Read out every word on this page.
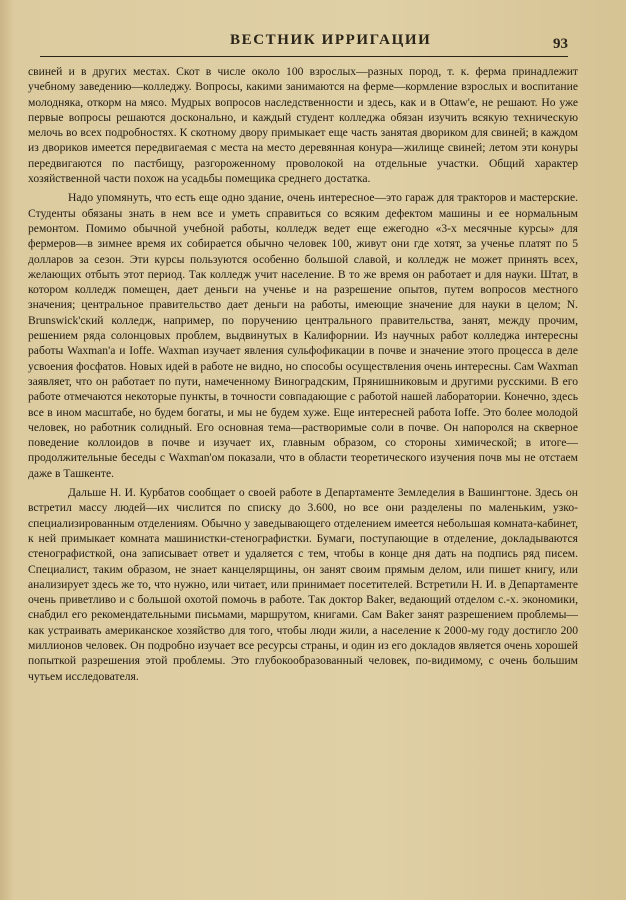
ВЕСТНИК ИРРИГАЦИИ	93

свиней и в других местах. Скот в числе около 100 взрослых—разных пород, т. к. ферма принадлежит учебному заведению—колледжу. Вопросы, какими занимаются на ферме—кормление взрослых и воспитание молодняка, откорм на мясо. Мудрых вопросов наследственности и здесь, как и в Ottaw'e, не решают. Но уже первые вопросы решаются досконально, и каждый студент колледжа обязан изучить всякую техническую мелочь во всех подробностях. К скотному двору примыкает еще часть занятая двориком для свиней; в каждом из двориков имеется передвигаемая с места на место деревянная конура—жилище свиней; летом эти конуры передвигаются по пастбищу, разгороженному проволокой на отдельные участки. Общий характер хозяйственной части похож на усадьбы помещика среднего достатка.

Надо упомянуть, что есть еще одно здание, очень интересное—это гараж для тракторов и мастерские. Студенты обязаны знать в нем все и уметь справиться со всяким дефектом машины и ее нормальным ремонтом. Помимо обычной учебной работы, колледж ведет еще ежегодно «3-х месячные курсы» для фермеров—в зимнее время их собирается обычно человек 100, живут они где хотят, за ученье платят по 5 долларов за сезон. Эти курсы пользуются особенно большой славой, и колледж не может принять всех, желающих отбыть этот период. Так колледж учит население. В то же время он работает и для науки. Штат, в котором колледж помещен, дает деньги на ученье и на разрешение опытов, путем вопросов местного значения; центральное правительство дает деньги на работы, имеющие значение для науки в целом; N. Brunswick'ский колледж, например, по поручению центрального правительства, занят, между прочим, решением ряда солонцовых проблем, выдвинутых в Калифорнии. Из научных работ колледжа интересны работы Waxman'a и Ioffe. Waxman изучает явления сульфофикации в почве и значение этого процесса в деле усвоения фосфатов. Новых идей в работе не видно, но способы осуществления очень интересны. Сам Waxman заявляет, что он работает по пути, намеченному Виноградским, Прянишниковым и другими русскими. В его работе отмечаются некоторые пункты, в точности совпадающие с работой нашей лаборатории. Конечно, здесь все в ином масштабе, но будем богаты, и мы не будем хуже. Еще интересней работа Ioffe. Это более молодой человек, но работник солидный. Его основная тема—растворимые соли в почве. Он напоролся на скверное поведение коллоидов в почве и изучает их, главным образом, со стороны химической; в итоге—продолжительные беседы с Waxman'ом показали, что в области теоретического изучения почв мы не отстаем даже в Ташкенте.

Дальше Н. И. Курбатов сообщает о своей работе в Департаменте Земледелия в Вашингтоне. Здесь он встретил массу людей—их числится по списку до 3.600, но все они разделены по маленьким, узко-специализированным отделениям. Обычно у заведывающего отделением имеется небольшая комната-кабинет, к ней примыкает комната машинистки-стенографистки. Бумаги, поступающие в отделение, докладываются стенографисткой, она записывает ответ и удаляется с тем, чтобы в конце дня дать на подпись ряд писем. Специалист, таким образом, не знает канцелярщины, он занят своим прямым делом, или пишет книгу, или анализирует здесь же то, что нужно, или читает, или принимает посетителей. Встретили Н. И. в Департаменте очень приветливо и с большой охотой помочь в работе. Так доктор Baker, ведающий отделом с.-х. экономики, снабдил его рекомендательными письмами, маршрутом, книгами. Сам Baker занят разрешением проблемы—как устраивать американское хозяйство для того, чтобы люди жили, а население к 2000-му году достигло 200 миллионов человек. Он подробно изучает все ресурсы страны, и один из его докладов является очень хорошей попыткой разрешения этой проблемы. Это глубокообразованный человек, по-видимому, с очень большим чутьем исследователя.
